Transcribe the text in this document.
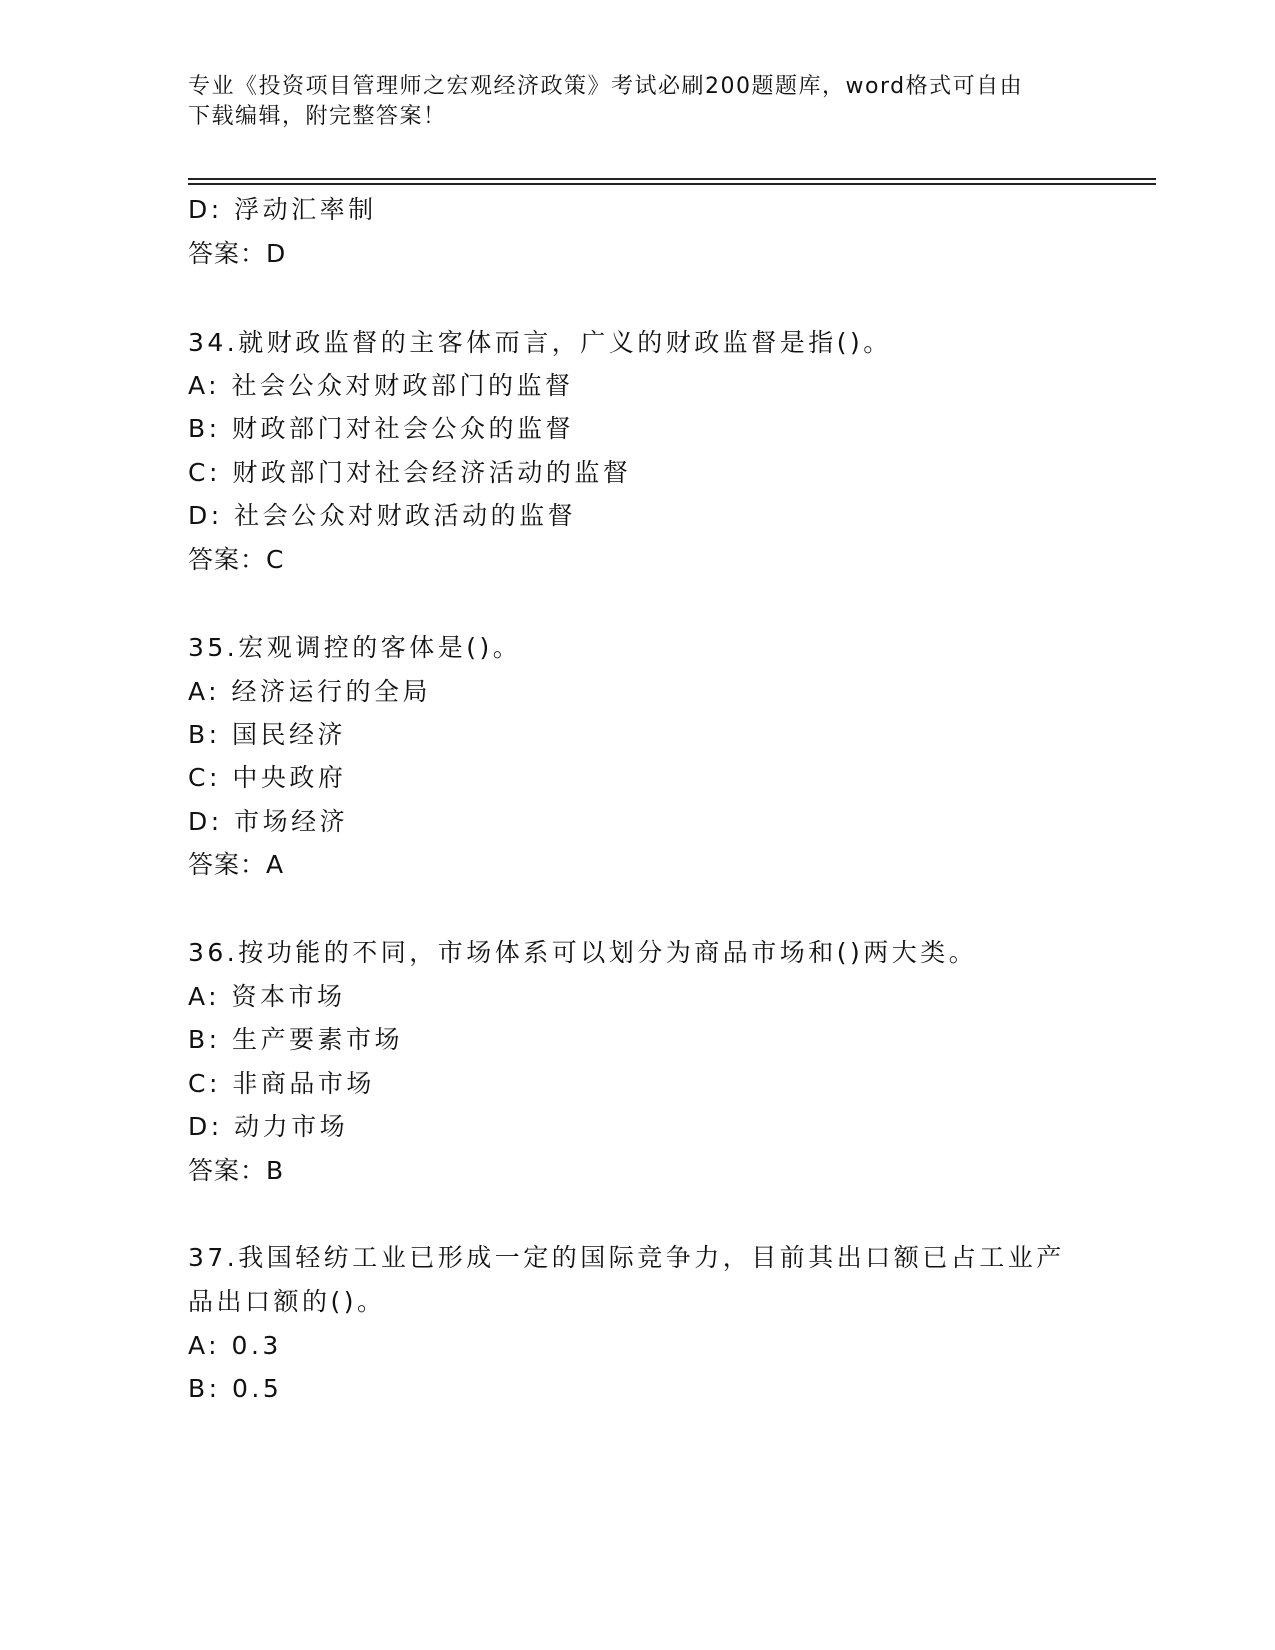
专业《投资项目管理师之宏观经济政策》考试必刷200题题库，word格式可自由
下载编辑，附完整答案！
D: 浮动汇率制
答案：D
34.就财政监督的主客体而言，广义的财政监督是指()。
A: 社会公众对财政部门的监督
B: 财政部门对社会公众的监督
C: 财政部门对社会经济活动的监督
D: 社会公众对财政活动的监督
答案：C
35.宏观调控的客体是()。
A: 经济运行的全局
B: 国民经济
C: 中央政府
D: 市场经济
答案：A
36.按功能的不同，市场体系可以划分为商品市场和()两大类。
A: 资本市场
B: 生产要素市场
C: 非商品市场
D: 动力市场
答案：B
37.我国轻纺工业已形成一定的国际竞争力，目前其出口额已占工业产
品出口额的()。
A: 0.3
B: 0.5
